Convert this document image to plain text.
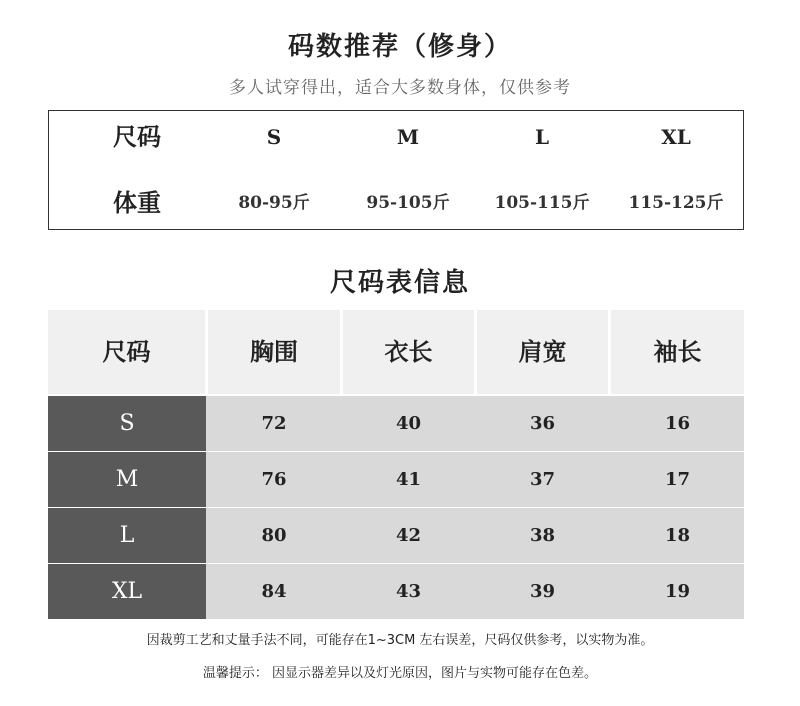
码数推荐（修身）
多人试穿得出，适合大多数身体，仅供参考
尺码	S	M	L	XL
体重	80-95斤	95-105斤	105-115斤	115-125斤
尺码表信息
尺码	胸围	衣长	肩宽	袖长
S	72	40	36	16
M	76	41	37	17
L	80	42	38	18
XL	84	43	39	19
因裁剪工艺和丈量手法不同，可能存在1~3CM 左右误差，尺码仅供参考，以实物为准。
温馨提示： 因显示器差异以及灯光原因，图片与实物可能存在色差。
